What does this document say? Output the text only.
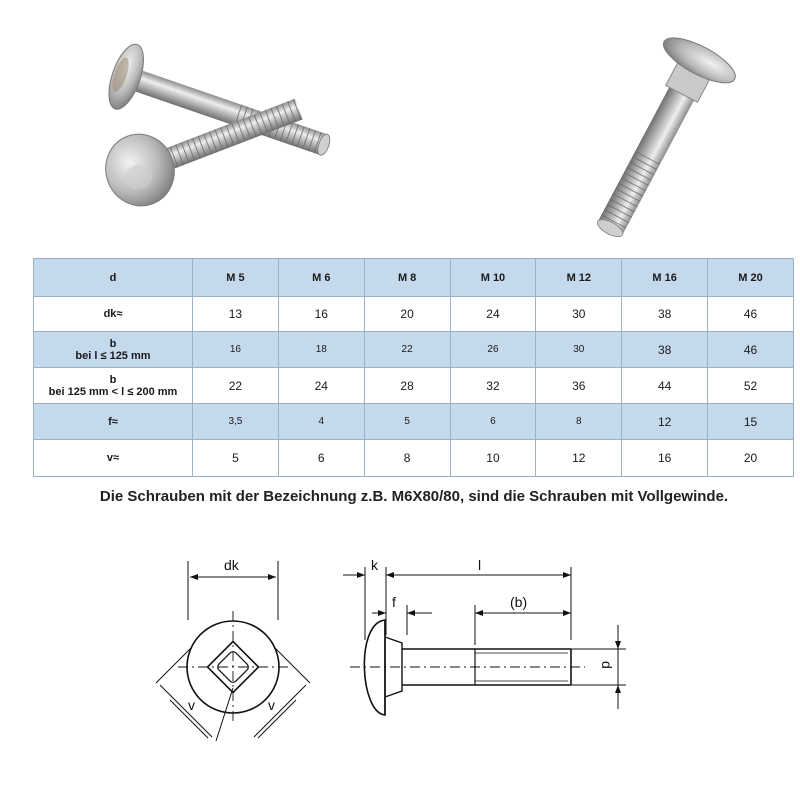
d	M 5	M 6	M 8	M 10	M 12	M 16	M 20
dk≈	13	16	20	24	30	38	46
b
bei l ≤ 125 mm	16	18	22	26	30	38	46
b
bei 125 mm < l ≤ 200 mm	22	24	28	32	36	44	52
f≈	3,5	4	5	6	8	12	15
v≈	5	6	8	10	12	16	20
Die Schrauben mit der Bezeichnung z.B. M6X80/80, sind die Schrauben mit Vollgewinde.
dk
v	v
k	l
f	(b)
d
